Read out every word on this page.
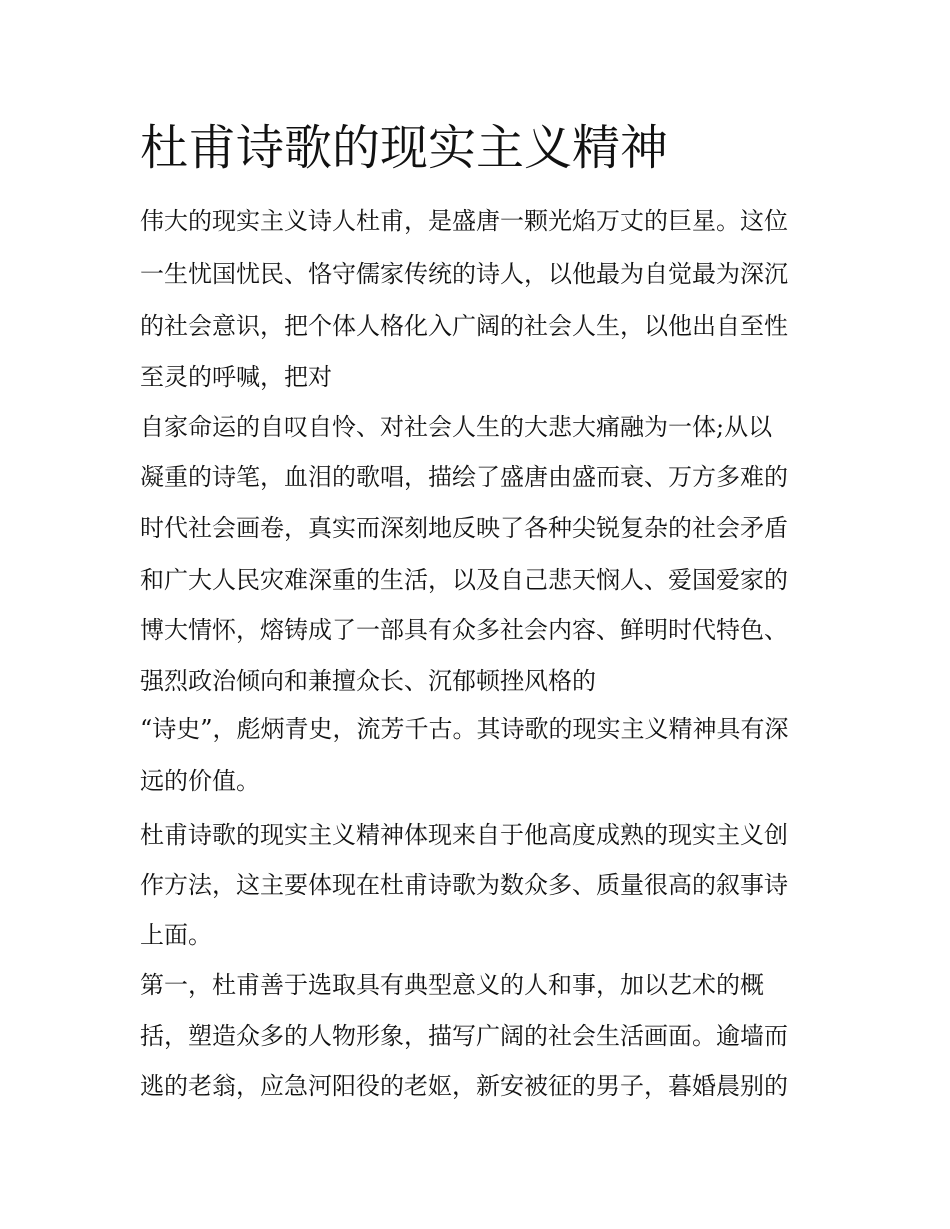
杜甫诗歌的现实主义精神
伟大的现实主义诗人杜甫，是盛唐一颗光焰万丈的巨星。这位
一生忧国忧民、恪守儒家传统的诗人，以他最为自觉最为深沉
的社会意识，把个体人格化入广阔的社会人生，以他出自至性
至灵的呼喊，把对
自家命运的自叹自怜、对社会人生的大悲大痛融为一体;从以
凝重的诗笔，血泪的歌唱，描绘了盛唐由盛而衰、万方多难的
时代社会画卷，真实而深刻地反映了各种尖锐复杂的社会矛盾
和广大人民灾难深重的生活，以及自己悲天悯人、爱国爱家的
博大情怀，熔铸成了一部具有众多社会内容、鲜明时代特色、
强烈政治倾向和兼擅众长、沉郁顿挫风格的
“诗史”，彪炳青史，流芳千古。其诗歌的现实主义精神具有深
远的价值。
杜甫诗歌的现实主义精神体现来自于他高度成熟的现实主义创
作方法，这主要体现在杜甫诗歌为数众多、质量很高的叙事诗
上面。
第一，杜甫善于选取具有典型意义的人和事，加以艺术的概
括，塑造众多的人物形象，描写广阔的社会生活画面。逾墙而
逃的老翁，应急河阳役的老妪，新安被征的男子，暮婚晨别的
